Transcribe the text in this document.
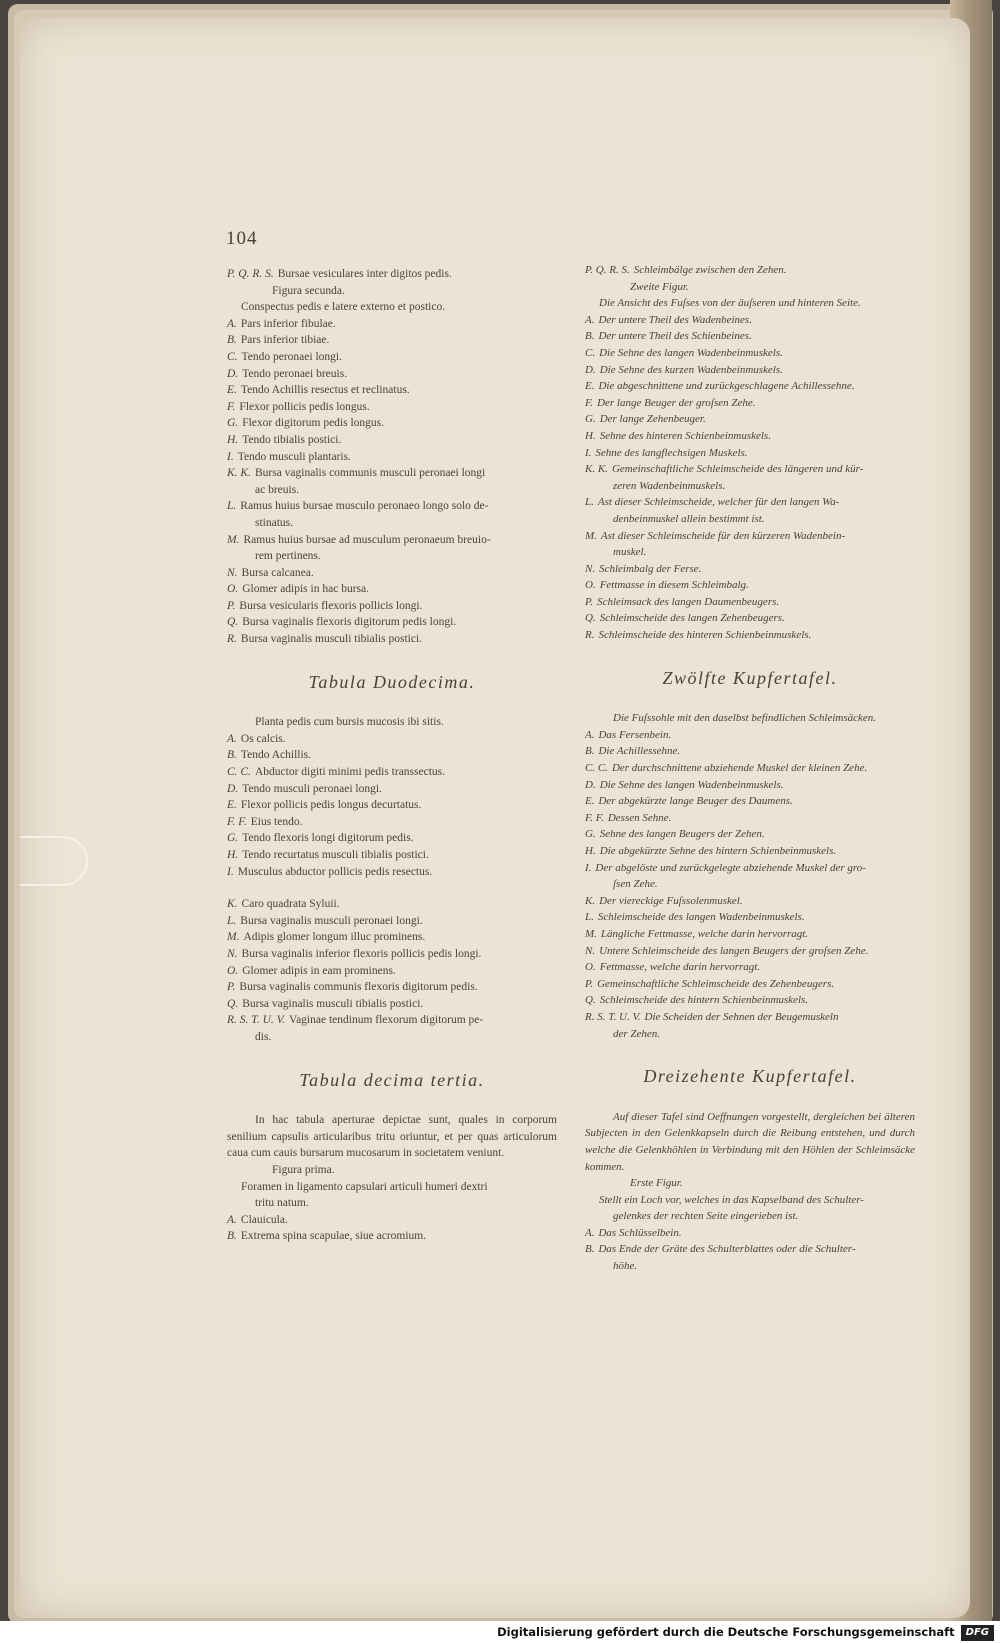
104
P. Q. R. S. Bursae vesiculares inter digitos pedis.
Figura secunda.
Conspectus pedis e latere externo et postico.
A. Pars inferior fibulae.
B. Pars inferior tibiae.
C. Tendo peronaei longi.
D. Tendo peronaei breuis.
E. Tendo Achillis resectus et reclinatus.
F. Flexor pollicis pedis longus.
G. Flexor digitorum pedis longus.
H. Tendo tibialis postici.
I. Tendo musculi plantaris.
K. K. Bursa vaginalis communis musculi peronaei longi
ac breuis.
L. Ramus huius bursae musculo peronaeo longo solo de-
stinatus.
M. Ramus huius bursae ad musculum peronaeum breuio-
rem pertinens.
N. Bursa calcanea.
O. Glomer adipis in hac bursa.
P. Bursa vesicularis flexoris pollicis longi.
Q. Bursa vaginalis flexoris digitorum pedis longi.
R. Bursa vaginalis musculi tibialis postici.
Tabula Duodecima.
Planta pedis cum bursis mucosis ibi sitis.
A. Os calcis.
B. Tendo Achillis.
C. C. Abductor digiti minimi pedis transsectus.
D. Tendo musculi peronaei longi.
E. Flexor pollicis pedis longus decurtatus.
F. F. Eius tendo.
G. Tendo flexoris longi digitorum pedis.
H. Tendo recurtatus musculi tibialis postici.
I. Musculus abductor pollicis pedis resectus.
K. Caro quadrata Syluii.
L. Bursa vaginalis musculi peronaei longi.
M. Adipis glomer longum illuc prominens.
N. Bursa vaginalis inferior flexoris pollicis pedis longi.
O. Glomer adipis in eam prominens.
P. Bursa vaginalis communis flexoris digitorum pedis.
Q. Bursa vaginalis musculi tibialis postici.
R. S. T. U. V. Vaginae tendinum flexorum digitorum pe-
dis.
Tabula decima tertia.
In hac tabula aperturae depictae sunt, quales in corporum senilium capsulis articularibus tritu oriuntur, et per quas articulorum caua cum cauis bursarum mucosarum in societatem veniunt.
Figura prima.
Foramen in ligamento capsulari articuli humeri dextri
tritu natum.
A. Clauicula.
B. Extrema spina scapulae, siue acromium.
P. Q. R. S. Schleimbälge zwischen den Zehen.
Zweite Figur.
Die Ansicht des Fuſses von der äuſseren und hinteren Seite.
A. Der untere Theil des Wadenbeines.
B. Der untere Theil des Schienbeines.
C. Die Sehne des langen Wadenbeinmuskels.
D. Die Sehne des kurzen Wadenbeinmuskels.
E. Die abgeschnittene und zurückgeschlagene Achillessehne.
F. Der lange Beuger der groſsen Zehe.
G. Der lange Zehenbeuger.
H. Sehne des hinteren Schienbeinmuskels.
I. Sehne des langflechsigen Muskels.
K. K. Gemeinschaftliche Schleimscheide des längeren und kür-
zeren Wadenbeinmuskels.
L. Ast dieser Schleimscheide, welcher für den langen Wa-
denbeinmuskel allein bestimmt ist.
M. Ast dieser Schleimscheide für den kürzeren Wadenbein-
muskel.
N. Schleimbalg der Ferse.
O. Fettmasse in diesem Schleimbalg.
P. Schleimsack des langen Daumenbeugers.
Q. Schleimscheide des langen Zehenbeugers.
R. Schleimscheide des hinteren Schienbeinmuskels.
Zwölfte Kupfertafel.
Die Fuſssohle mit den daselbst befindlichen Schleimsäcken.
A. Das Fersenbein.
B. Die Achillessehne.
C. C. Der durchschnittene abziehende Muskel der kleinen Zehe.
D. Die Sehne des langen Wadenbeinmuskels.
E. Der abgekürzte lange Beuger des Daumens.
F. F. Dessen Sehne.
G. Sehne des langen Beugers der Zehen.
H. Die abgekürzte Sehne des hintern Schienbeinmuskels.
I. Der abgelöste und zurückgelegte abziehende Muskel der gro-
ſsen Zehe.
K. Der viereckige Fuſssolenmuskel.
L. Schleimscheide des langen Wadenbeinmuskels.
M. Längliche Fettmasse, welche darin hervorragt.
N. Untere Schleimscheide des langen Beugers der groſsen Zehe.
O. Fettmasse, welche darin hervorragt.
P. Gemeinschaftliche Schleimscheide des Zehenbeugers.
Q. Schleimscheide des hintern Schienbeinmuskels.
R. S. T. U. V. Die Scheiden der Sehnen der Beugemuskeln
der Zehen.
Dreizehente Kupfertafel.
Auf dieser Tafel sind Oeffnungen vorgestellt, dergleichen bei älteren Subjecten in den Gelenkkapseln durch die Reibung entstehen, und durch welche die Gelenkhöhlen in Verbindung mit den Höhlen der Schleimsäcke kommen.
Erste Figur.
Stellt ein Loch vor, welches in das Kapselband des Schulter-
gelenkes der rechten Seite eingerieben ist.
A. Das Schlüsselbein.
B. Das Ende der Gräte des Schulterblattes oder die Schulter-
höhe.
Digitalisierung gefördert durch die Deutsche Forschungsgemeinschaft DFG
